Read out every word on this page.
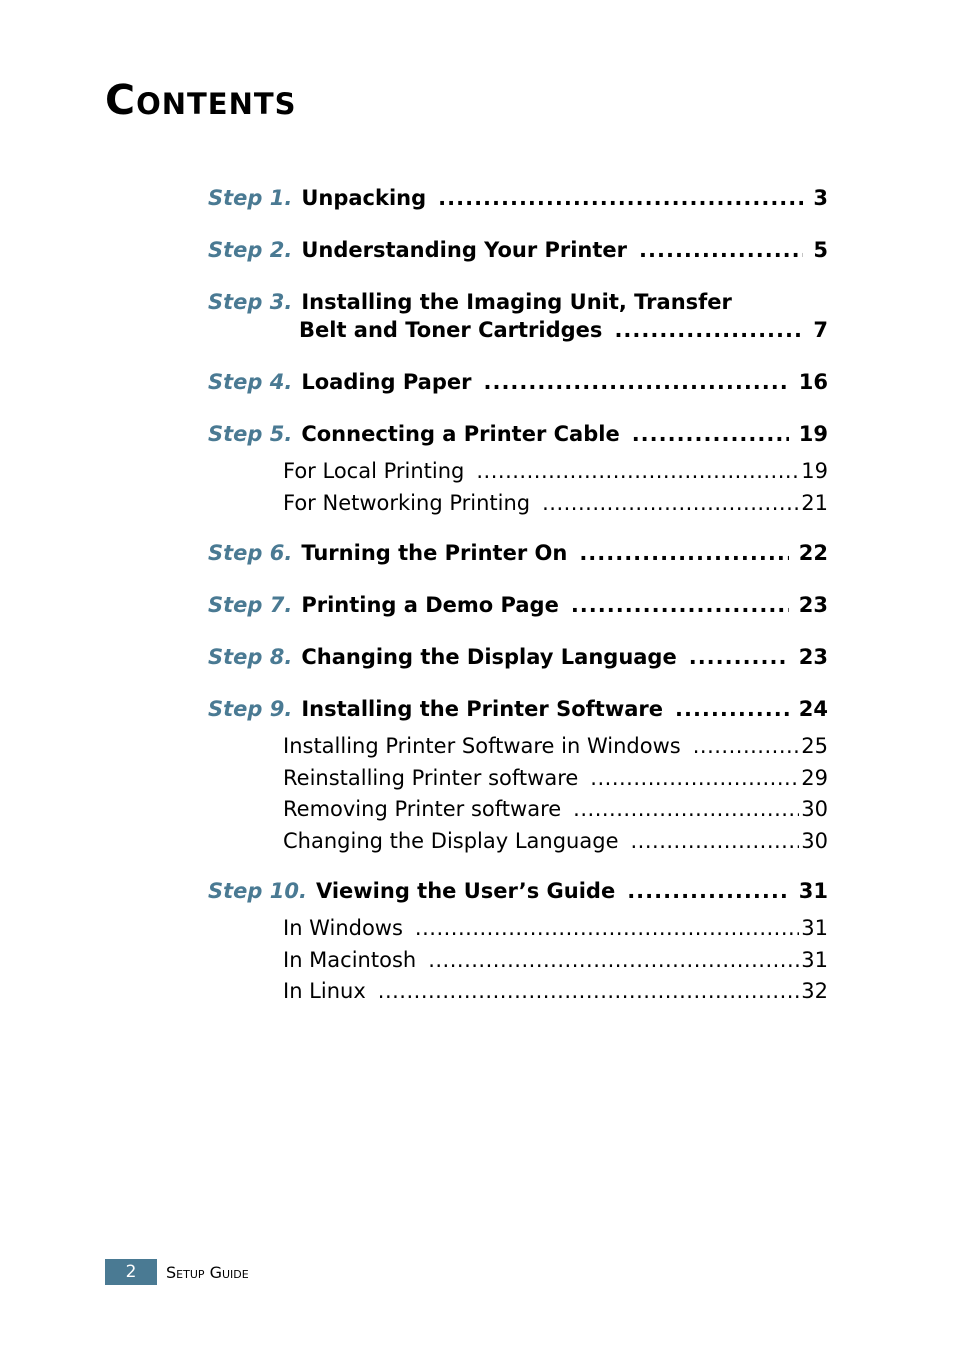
Contents
Step 1. Unpacking .....	3
Step 2. Understanding Your Printer .....	5
Step 3. Installing the Imaging Unit, Transfer
Belt and Toner Cartridges .....	7
Step 4. Loading Paper .....	16
Step 5. Connecting a Printer Cable .....	19
For Local Printing .....	19
For Networking Printing .....	21
Step 6. Turning the Printer On .....	22
Step 7. Printing a Demo Page .....	23
Step 8. Changing the Display Language .....	23
Step 9. Installing the Printer Software .....	24
Installing Printer Software in Windows .....	25
Reinstalling Printer software .....	29
Removing Printer software .....	30
Changing the Display Language .....	30
Step 10. Viewing the User’s Guide .....	31
In Windows .....	31
In Macintosh .....	31
In Linux .....	32
2	Setup Guide
